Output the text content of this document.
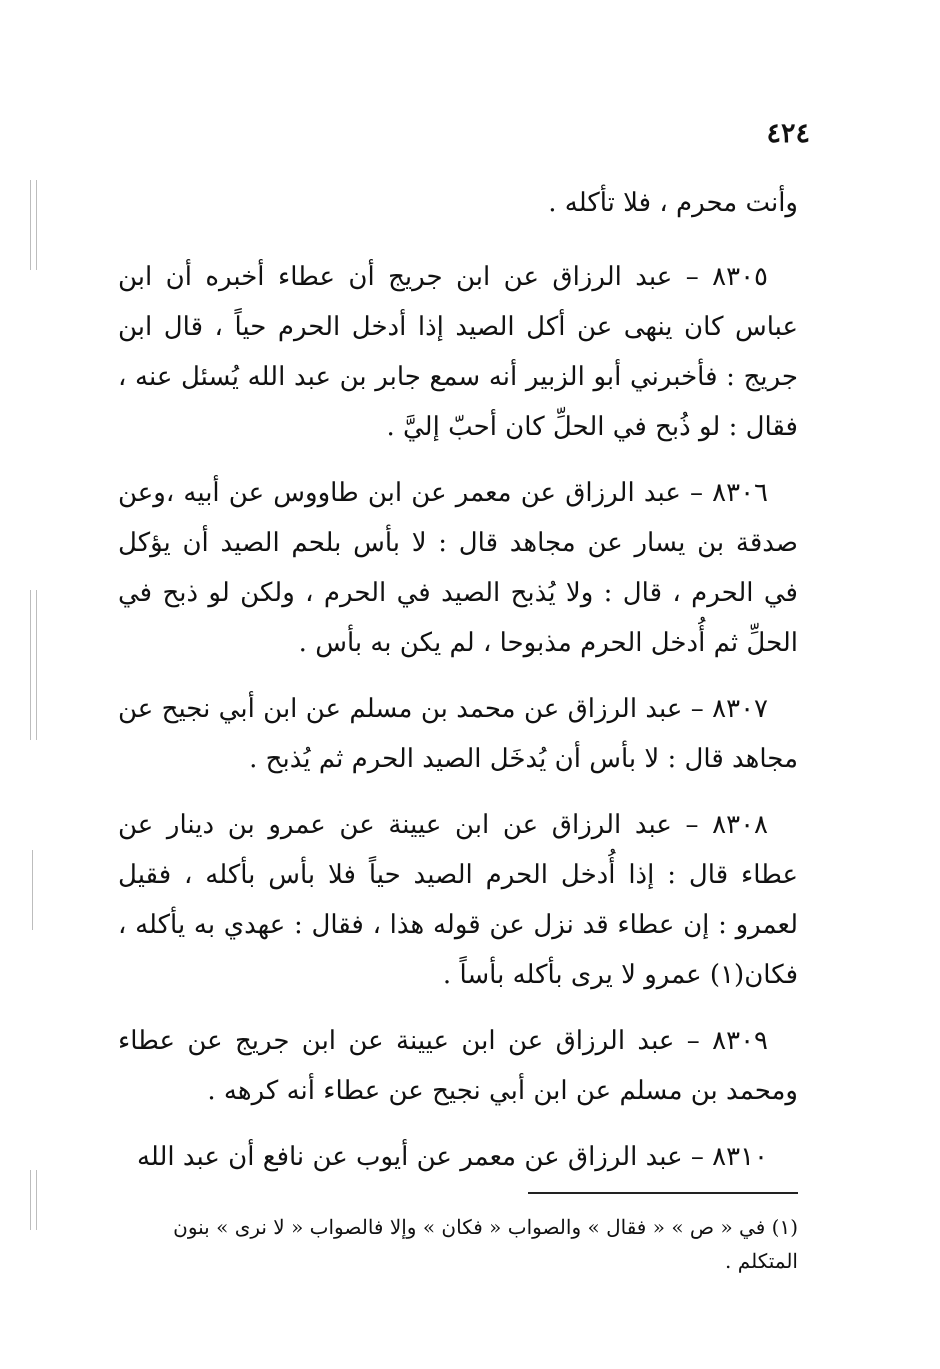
٤٢٤

وأنت محرم ، فلا تأكله .

٨٣٠٥ – عبد الرزاق عن ابن جريج أن عطاء أخبره أن ابن عباس كان ينهى عن أكل الصيد إذا أدخل الحرم حياً ، قال ابن جريج : فأخبرني أبو الزبير أنه سمع جابر بن عبد الله يُسئل عنه ، فقال : لو ذُبح في الحلِّ كان أحبّ إليَّ .

٨٣٠٦ – عبد الرزاق عن معمر عن ابن طاووس عن أبيه ،وعن صدقة بن يسار عن مجاهد قال : لا بأس بلحم الصيد أن يؤكل في الحرم ، قال : ولا يُذبح الصيد في الحرم ، ولكن لو ذبح في الحلِّ ثم أُدخل الحرم مذبوحا ، لم يكن به بأس .

٨٣٠٧ – عبد الرزاق عن محمد بن مسلم عن ابن أبي نجيح عن مجاهد قال : لا بأس أن يُدخَل الصيد الحرم ثم يُذبح .

٨٣٠٨ – عبد الرزاق عن ابن عيينة عن عمرو بن دينار عن عطاء قال : إذا أُدخل الحرم الصيد حياً فلا بأس بأكله ، فقيل لعمرو : إن عطاء قد نزل عن قوله هذا ، فقال : عهدي به يأكله ، فكان(١) عمرو لا يرى بأكله بأساً .

٨٣٠٩ – عبد الرزاق عن ابن عيينة عن ابن جريج عن عطاء ومحمد بن مسلم عن ابن أبي نجيح عن عطاء أنه كرهه .

٨٣١٠ – عبد الرزاق عن معمر عن أيوب عن نافع أن عبد الله

(١) في « ص » « فقال » والصواب « فكان » وإلا فالصواب « لا نرى » بنون المتكلم .
